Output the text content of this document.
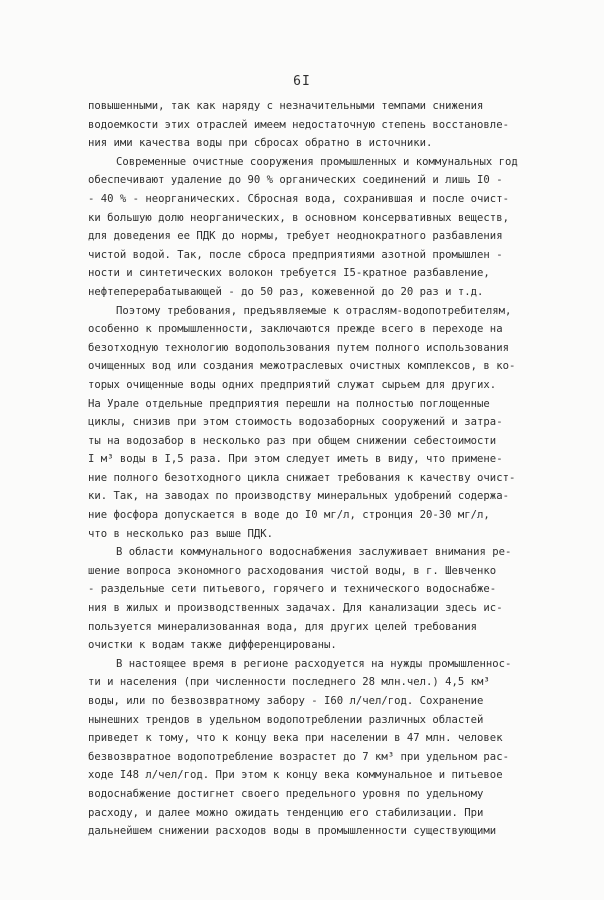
6I
повышенными, так как наряду с незначительными темпами снижения
водоемкости этих отраслей имеем недостаточную степень восстановле-
ния ими качества воды при сбросах обратно в источники.
Современные очистные сооружения промышленных и коммунальных год
обеспечивают удаление до 90 % органических соединений и лишь I0 -
- 40 % - неорганических. Сбросная вода, сохранившая и после очист-
ки большую долю неорганических, в основном консервативных веществ,
для доведения ее ПДК до нормы, требует неоднократного разбавления
чистой водой. Так, после сброса предприятиями азотной промышлен -
ности и синтетических волокон требуется I5-кратное разбавление,
нефтеперерабатывающей - до 50 раз, кожевенной до 20 раз и т.д.
Поэтому требования, предъявляемые к отраслям-водопотребителям,
особенно к промышленности, заключаются прежде всего в переходе на
безотходную технологию водопользования путем полного использования
очищенных вод или создания межотраслевых очистных комплексов, в ко-
торых очищенные воды одних предприятий служат сырьем для других.
На Урале отдельные предприятия перешли на полностью поглощенные
циклы, снизив при этом стоимость водозаборных сооружений и затра-
ты на водозабор в несколько раз при общем снижении себестоимости
I м³ воды в I,5 раза. При этом следует иметь в виду, что примене-
ние полного безотходного цикла снижает требования к качеству очист-
ки. Так, на заводах по производству минеральных удобрений содержа-
ние фосфора допускается в воде до I0 мг/л, стронция 20-30 мг/л,
что в несколько раз выше ПДК.
В области коммунального водоснабжения заслуживает внимания ре-
шение вопроса экономного расходования чистой воды, в г. Шевченко
- раздельные сети питьевого, горячего и технического водоснабже-
ния в жилых и производственных задачах. Для канализации здесь ис-
пользуется минерализованная вода, для других целей требования
очистки к водам также дифференцированы.
В настоящее время в регионе расходуется на нужды промышленнос-
ти и населения (при численности последнего 28 млн.чел.) 4,5 км³
воды, или по безвозвратному забору - I60 л/чел/год. Сохранение
нынешних трендов в удельном водопотреблении различных областей
приведет к тому, что к концу века при населении в 47 млн. человек
безвозвратное водопотребление возрастет до 7 км³ при удельном рас-
ходе I48 л/чел/год. При этом к концу века коммунальное и питьевое
водоснабжение достигнет своего предельного уровня по удельному
расходу, и далее можно ожидать тенденцию его стабилизации. При
дальнейшем снижении расходов воды в промышленности существующими
